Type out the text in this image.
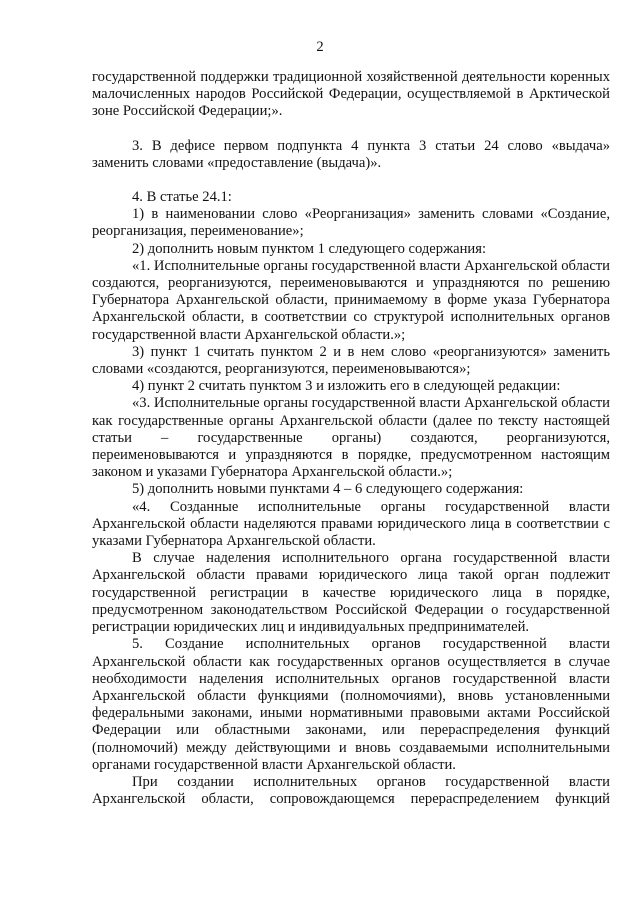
2

государственной поддержки традиционной хозяйственной деятельности коренных малочисленных народов Российской Федерации, осуществляемой в Арктической зоне Российской Федерации;».

3. В дефисе первом подпункта 4 пункта 3 статьи 24 слово «выдача» заменить словами «предоставление (выдача)».

4. В статье 24.1:

1) в наименовании слово «Реорганизация» заменить словами «Создание, реорганизация, переименование»;

2) дополнить новым пунктом 1 следующего содержания:

«1. Исполнительные органы государственной власти Архангельской области создаются, реорганизуются, переименовываются и упраздняются по решению Губернатора Архангельской области, принимаемому в форме указа Губернатора Архангельской области, в соответствии со структурой исполнительных органов государственной власти Архангельской области.»;

3) пункт 1 считать пунктом 2 и в нем слово «реорганизуются» заменить словами «создаются, реорганизуются, переименовываются»;

4) пункт 2 считать пунктом 3 и изложить его в следующей редакции:

«3. Исполнительные органы государственной власти Архангельской области как государственные органы Архангельской области (далее по тексту настоящей статьи – государственные органы) создаются, реорганизуются, переименовываются и упраздняются в порядке, предусмотренном настоящим законом и указами Губернатора Архангельской области.»;

5) дополнить новыми пунктами 4 – 6 следующего содержания:

«4. Созданные исполнительные органы государственной власти Архангельской области наделяются правами юридического лица в соответствии с указами Губернатора Архангельской области.

В случае наделения исполнительного органа государственной власти Архангельской области правами юридического лица такой орган подлежит государственной регистрации в качестве юридического лица в порядке, предусмотренном законодательством Российской Федерации о государственной регистрации юридических лиц и индивидуальных предпринимателей.

5. Создание исполнительных органов государственной власти Архангельской области как государственных органов осуществляется в случае необходимости наделения исполнительных органов государственной власти Архангельской области функциями (полномочиями), вновь установленными федеральными законами, иными нормативными правовыми актами Российской Федерации или областными законами, или перераспределения функций (полномочий) между действующими и вновь создаваемыми исполнительными органами государственной власти Архангельской области.

При создании исполнительных органов государственной власти Архангельской области, сопровождающемся перераспределением функций
